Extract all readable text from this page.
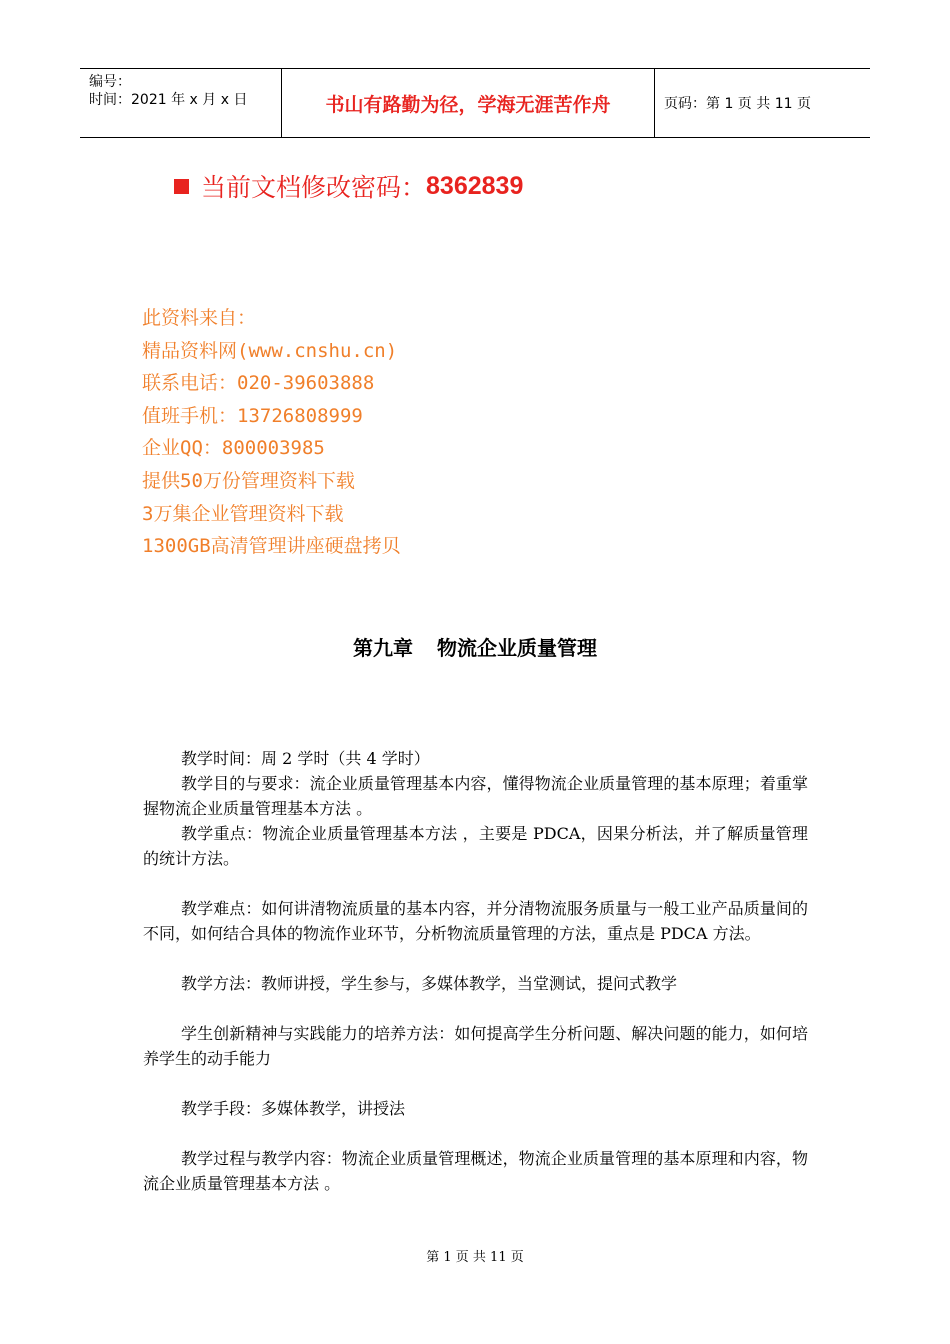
编号：
时间：2021 年 x 月 x 日	书山有路勤为径，学海无涯苦作舟	页码：第 1 页 共 11 页
当前文档修改密码： 8362839
此资料来自：
精品资料网(www.cnshu.cn)
联系电话：020-39603888
值班手机：13726808999
企业QQ：800003985
提供50万份管理资料下载
3万集企业管理资料下载
1300GB高清管理讲座硬盘拷贝
第九章 物流企业质量管理

教学时间：周 2 学时（共 4 学时）

教学目的与要求：流企业质量管理基本内容，懂得物流企业质量管理的基本原理；着重掌握物流企业质量管理基本方法 。

教学重点：物流企业质量管理基本方法 ，主要是 PDCA，因果分析法，并了解质量管理的统计方法。

教学难点：如何讲清物流质量的基本内容，并分清物流服务质量与一般工业产品质量间的不同，如何结合具体的物流作业环节，分析物流质量管理的方法，重点是 PDCA 方法。

教学方法：教师讲授，学生参与，多媒体教学，当堂测试，提问式教学

学生创新精神与实践能力的培养方法：如何提高学生分析问题、解决问题的能力，如何培养学生的动手能力

教学手段：多媒体教学，讲授法

教学过程与教学内容：物流企业质量管理概述，物流企业质量管理的基本原理和内容，物流企业质量管理基本方法 。

第 1 页 共 11 页
